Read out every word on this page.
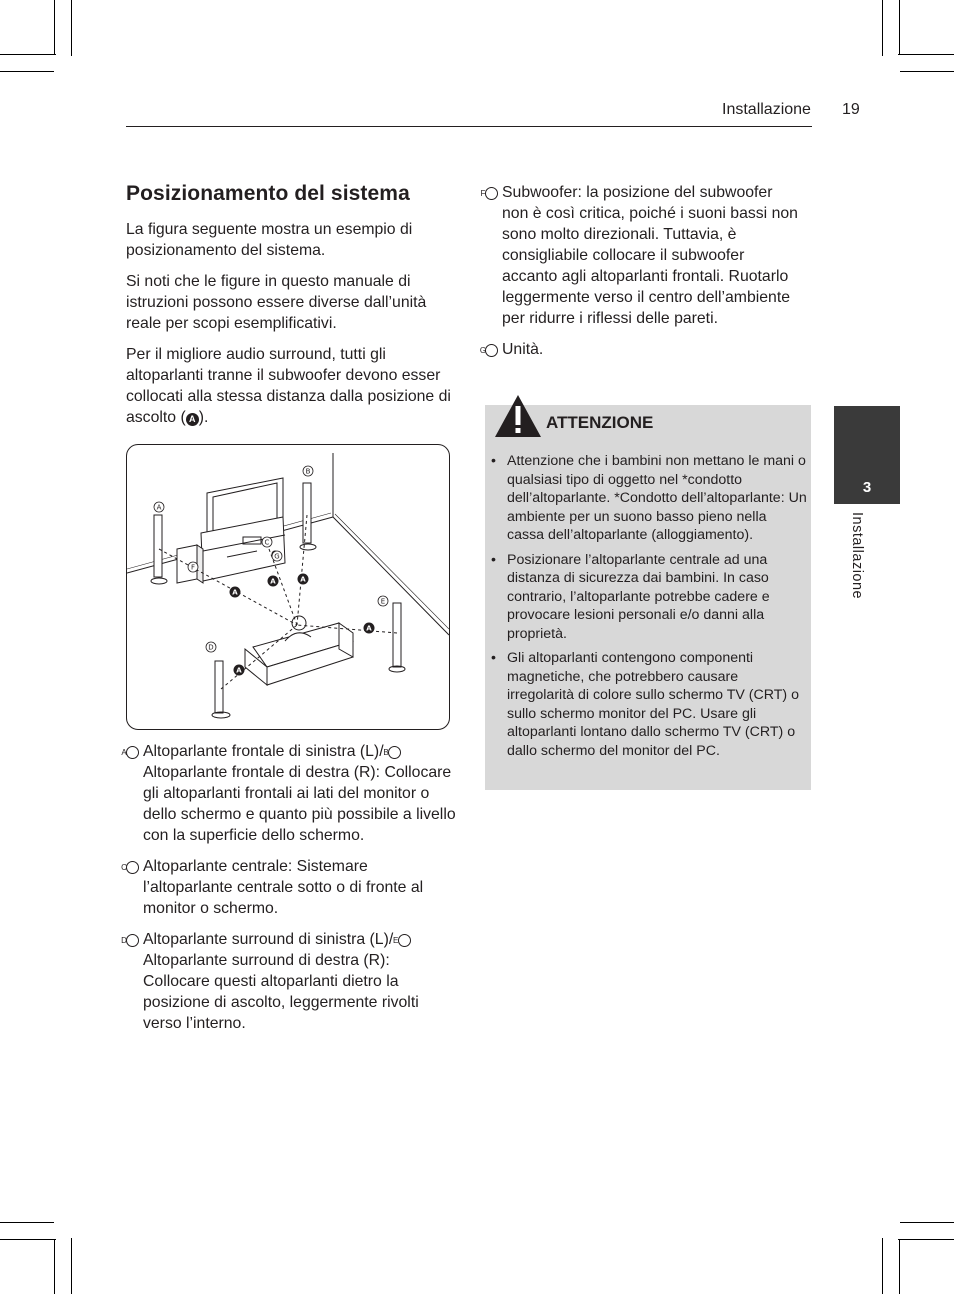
Installazione 19
Posizionamento del sistema

La figura seguente mostra un esempio di posizionamento del sistema.

Si noti che le figure in questo manuale di istruzioni possono essere diverse dall’unità reale per scopi esemplificativi.

Per il migliore audio surround, tutti gli altoparlanti tranne il subwoofer devono esser collocati alla stessa distanza dalla posizione di ascolto ( A ).

A
B
C
D
E
F
G
A
A	A
A
A
A Altoparlante frontale di sinistra (L)/ BAltoparlante frontale di destra (R): Collocare gli altoparlanti frontali ai lati del monitor o dello schermo e quanto più possibile a livello con la superficie dello schermo.
C Altoparlante centrale: Sistemare l’altoparlante centrale sotto o di fronte al monitor o schermo.
D Altoparlante surround di sinistra (L)/ EAltoparlante surround di destra (R): Collocare questi altoparlanti dietro la posizione di ascolto, leggermente rivolti verso l’interno.
F Subwoofer: la posizione del subwoofer non è così critica, poiché i suoni bassi non sono molto direzionali. Tuttavia, è consigliabile collocare il subwoofer accanto agli altoparlanti frontali. Ruotarlo leggermente verso il centro dell’ambiente per ridurre i riflessi delle pareti.
G Unità.
ATTENZIONE
• Attenzione che i bambini non mettano le mani o qualsiasi tipo di oggetto nel *condotto dell’altoparlante. *Condotto dell’altoparlante: Un ambiente per un suono basso pieno nella cassa dell’altoparlante (alloggiamento).
• Posizionare l’altoparlante centrale ad una distanza di sicurezza dai bambini. In caso contrario, l’altoparlante potrebbe cadere e provocare lesioni personali e/o danni alla proprietà.
• Gli altoparlanti contengono componenti magnetiche, che potrebbero causare irregolarità di colore sullo schermo TV (CRT) o sullo schermo monitor del PC. Usare gli altoparlanti lontano dallo schermo TV (CRT) o dallo schermo del monitor del PC.
3
Installazione
